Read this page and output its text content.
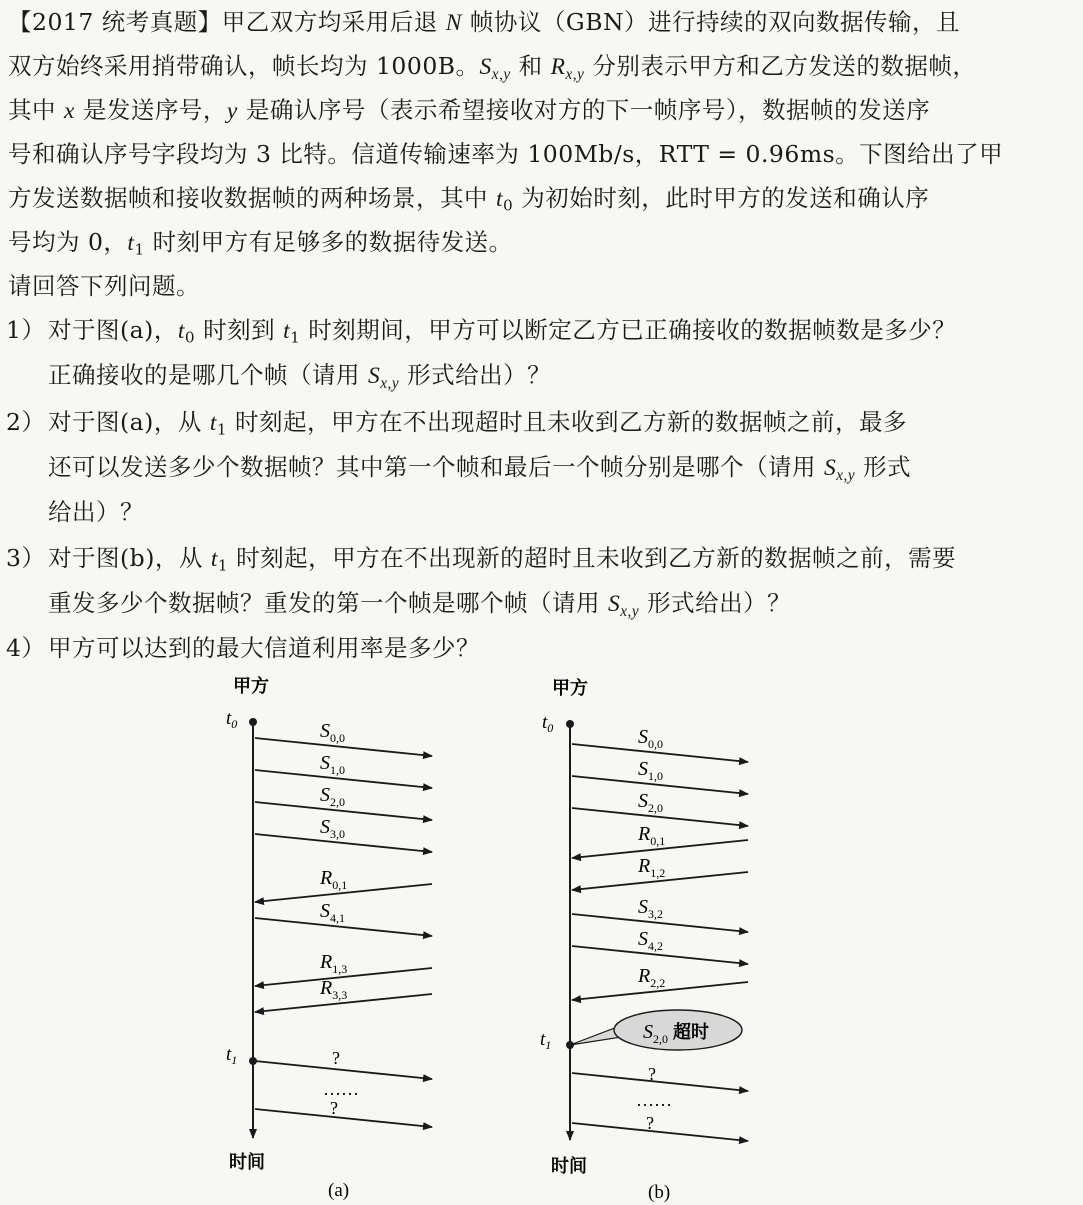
【2017 统考真题】甲乙双方均采用后退 N 帧协议（GBN）进行持续的双向数据传输，且
双方始终采用捎带确认，帧长均为 1000B。$S_{x,y}$ 和 $R_{x,y}$ 分别表示甲方和乙方发送的数据帧，
其中 x 是发送序号，y 是确认序号（表示希望接收对方的下一帧序号），数据帧的发送序
号和确认序号字段均为 3 比特。信道传输速率为 100Mb/s，RTT = 0.96ms。下图给出了甲
方发送数据帧和接收数据帧的两种场景，其中 $t_0$ 为初始时刻，此时甲方的发送和确认序
号均为 0，$t_1$ 时刻甲方有足够多的数据待发送。
请回答下列问题。
1） 对于图(a)，$t_0$ 时刻到 $t_1$ 时刻期间，甲方可以断定乙方已正确接收的数据帧数是多少？
正确接收的是哪几个帧（请用 $S_{x,y}$ 形式给出）？
2） 对于图(a)，从 $t_1$ 时刻起，甲方在不出现超时且未收到乙方新的数据帧之前，最多
还可以发送多少个数据帧？其中第一个帧和最后一个帧分别是哪个（请用 $S_{x,y}$ 形式
给出）？
3） 对于图(b)，从 $t_1$ 时刻起，甲方在不出现新的超时且未收到乙方新的数据帧之前，需要
重发多少个数据帧？重发的第一个帧是哪个帧（请用 $S_{x,y}$ 形式给出）？
4） 甲方可以达到的最大信道利用率是多少？
甲方
$t_0$
$t_1$
$S_{0,0}$
$S_{1,0}$
$S_{2,0}$
$S_{3,0}$
$R_{0,1}$
$S_{4,1}$
$R_{1,3}$
$R_{3,3}$
?
……
?
时间
(a)
甲方
$t_0$
$t_1$
$S_{2,0}$ 超时
$S_{0,0}$
$S_{1,0}$
$S_{2,0}$
$R_{0,1}$
$R_{1,2}$
$S_{3,2}$
$S_{4,2}$
$R_{2,2}$
?
……
?
时间
(b)
